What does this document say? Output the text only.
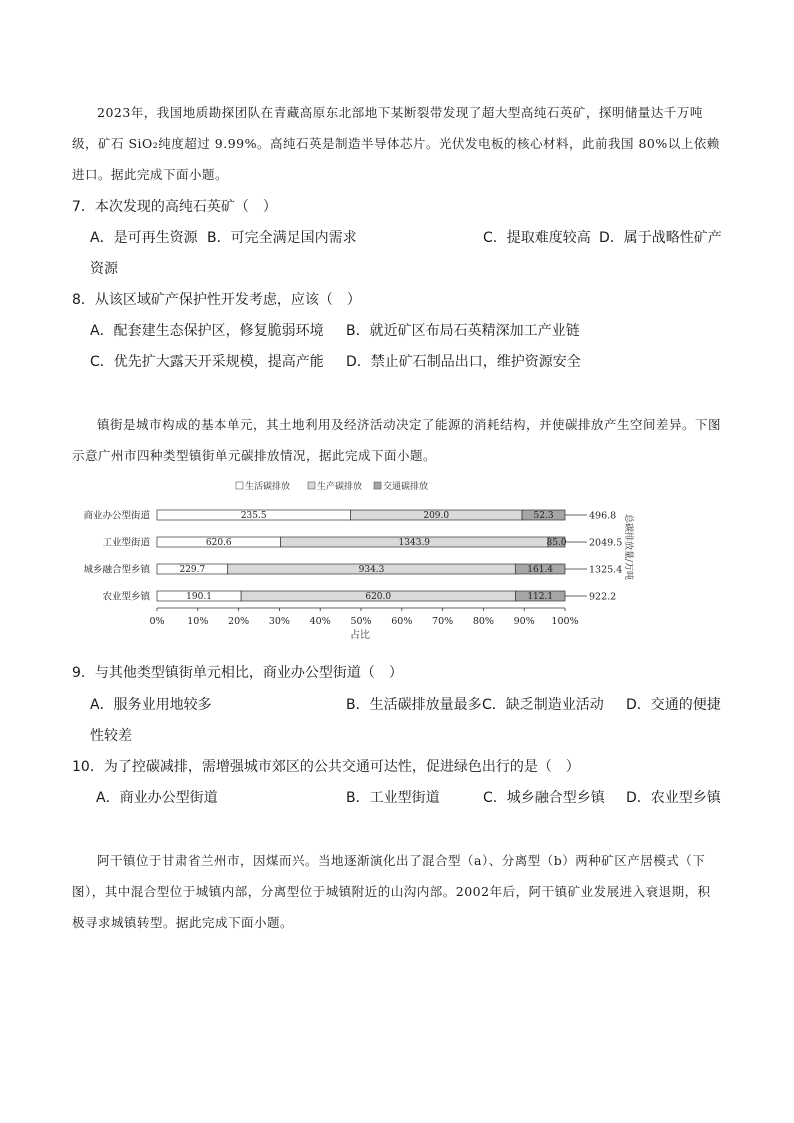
2023年，我国地质勘探团队在青藏高原东北部地下某断裂带发现了超大型高纯石英矿，探明储量达千万吨级，矿石 SiO₂纯度超过 9.99%。高纯石英是制造半导体芯片。光伏发电板的核心材料，此前我国 80%以上依赖进口。据此完成下面小题。
7．本次发现的高纯石英矿（　）
A．是可再生资源 B．可完全满足国内需求	C．提取难度较高 D．属于战略性矿产
资源
8．从该区域矿产保护性开发考虑，应该（　）
A．配套建生态保护区，修复脆弱环境 B．就近矿区布局石英精深加工产业链
C．优先扩大露天开采规模，提高产能 D．禁止矿石制品出口，维护资源安全
镇街是城市构成的基本单元，其土地利用及经济活动决定了能源的消耗结构，并使碳排放产生空间差异。下图示意广州市四种类型镇街单元碳排放情况，据此完成下面小题。
生活碳排放	生产碳排放 交通碳排放
商业办公型街道
工业型街道
城乡融合型乡镇
农业型乡镇
235.5	209.0	52.3
620.6	1343.9	85.0
229.7	934.3	161.4
190.1	620.0	112.1
496.8
2049.5
1325.4
922.2
0% 10% 20% 30% 40% 50% 60% 70% 80% 90% 100%
总碳排放量/万吨
占比
9．与其他类型镇街单元相比，商业办公型街道（　）
A．服务业用地较多	B．生活碳排放量最多 C．缺乏制造业活动 D．交通的便捷
性较差
10．为了控碳减排，需增强城市郊区的公共交通可达性，促进绿色出行的是（　）
A．商业办公型街道	B．工业型街道	C．城乡融合型乡镇 D．农业型乡镇
阿干镇位于甘肃省兰州市，因煤而兴。当地逐渐演化出了混合型（a）、分离型（b）两种矿区产居模式（下图），其中混合型位于城镇内部，分离型位于城镇附近的山沟内部。2002年后，阿干镇矿业发展进入衰退期，积极寻求城镇转型。据此完成下面小题。
